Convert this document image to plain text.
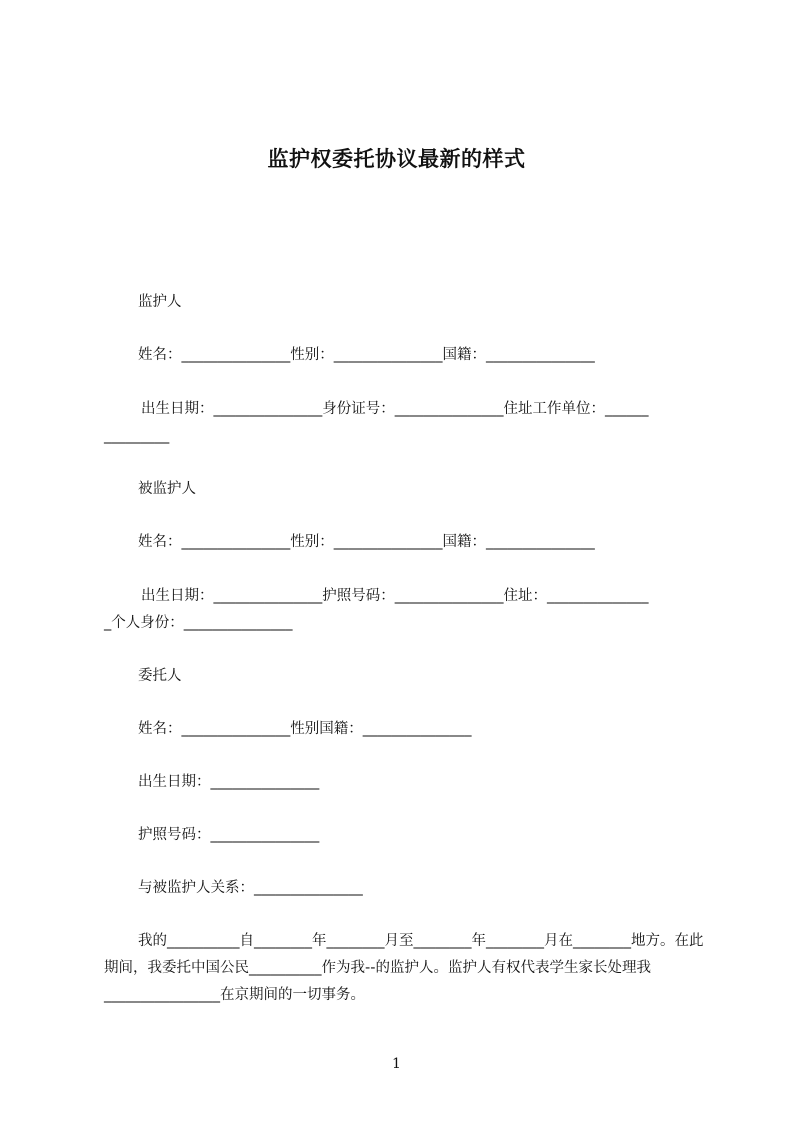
监护权委托协议最新的样式
监护人
姓名：_______________性别：_______________国籍：_______________
出生日期：_______________身份证号：_______________住址工作单位：______
_________
被监护人
姓名：_______________性别：_______________国籍：_______________
出生日期：_______________护照号码：_______________住址：______________
_个人身份：_______________
委托人
姓名：_______________性别国籍：_______________
出生日期：_______________
护照号码：_______________
与被监护人关系：_______________
我的__________自________年________月至________年________月在________地方。在此期间，我委托中国公民__________作为我--的监护人。监护人有权代表学生家长处理我________________在京期间的一切事务。
1
